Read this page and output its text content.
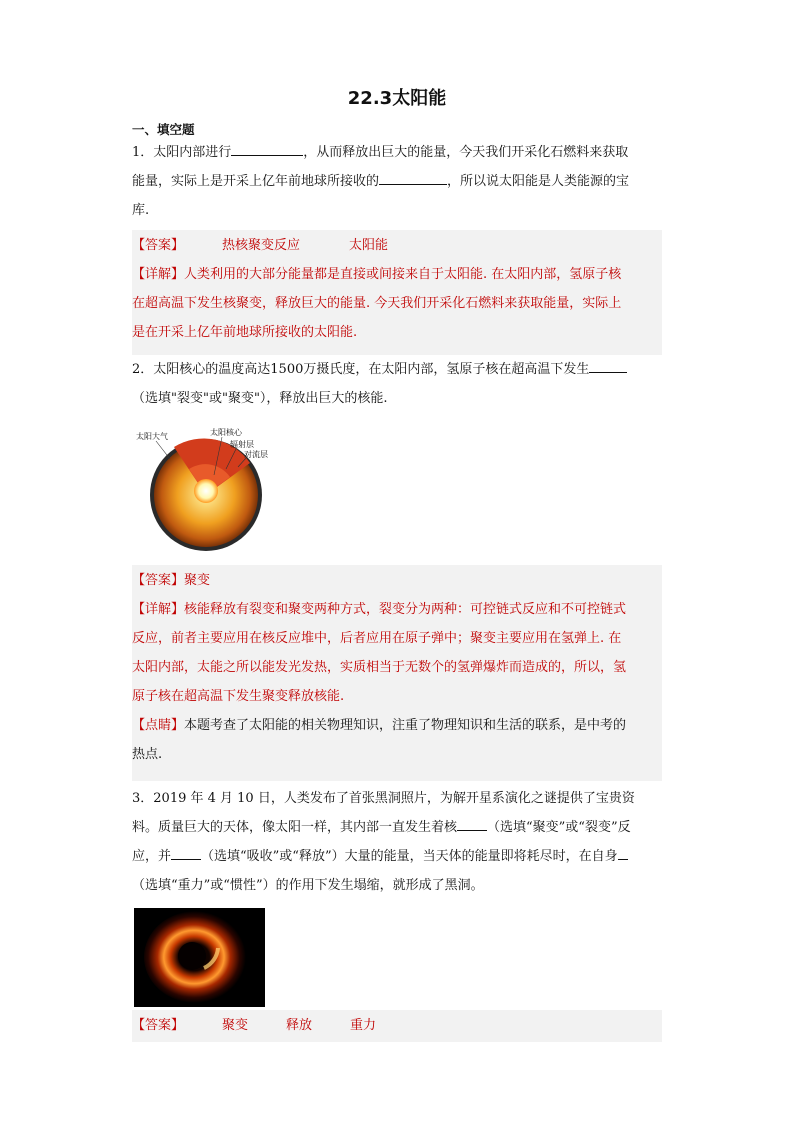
22.3太阳能
一、填空题
1．太阳内部进行	，从而释放出巨大的能量，今天我们开采化石燃料来获取
能量，实际上是开采上亿年前地球所接收的	，所以说太阳能是人类能源的宝
库.
【答案】	热核聚变反应	太阳能
【详解】人类利用的大部分能量都是直接或间接来自于太阳能. 在太阳内部，氢原子核
在超高温下发生核聚变，释放巨大的能量. 今天我们开采化石燃料来获取能量，实际上
是在开采上亿年前地球所接收的太阳能.
2．太阳核心的温度高达1500万摄氏度，在太阳内部，氢原子核在超高温下发生
（选填"裂变"或"聚变"），释放出巨大的核能.
太阳大气	太阳核心
辐射层
对流层
【答案】聚变
【详解】核能释放有裂变和聚变两种方式，裂变分为两种：可控链式反应和不可控链式
反应，前者主要应用在核反应堆中，后者应用在原子弹中；聚变主要应用在氢弹上. 在
太阳内部，太能之所以能发光发热，实质相当于无数个的氢弹爆炸而造成的，所以，氢
原子核在超高温下发生聚变释放核能.
【点睛】本题考查了太阳能的相关物理知识，注重了物理知识和生活的联系，是中考的
热点.
3．2019 年 4 月 10 日，人类发布了首张黑洞照片，为解开星系演化之谜提供了宝贵资
料。质量巨大的天体，像太阳一样，其内部一直发生着核 （选填“聚变”或“裂变”反
应，并 （选填“吸收”或“释放”）大量的能量，当天体的能量即将耗尽时，在自身
（选填“重力”或“惯性”）的作用下发生塌缩，就形成了黑洞。
【答案】	聚变	释放	重力
